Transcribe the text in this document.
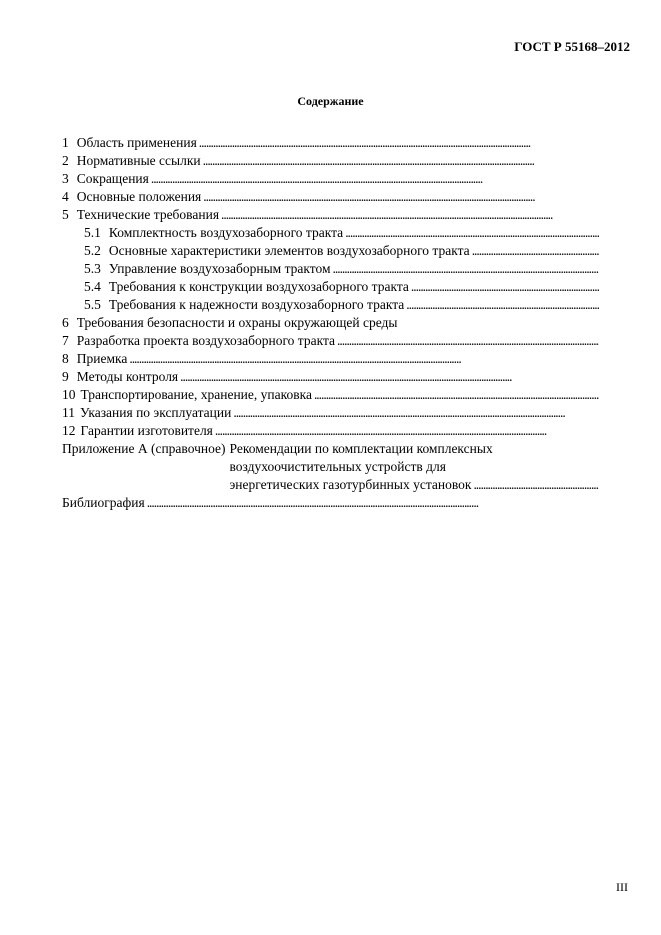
ГОСТ Р 55168–2012
Содержание
1 Область применения
. . .
2 Нормативные ссылки
. . .
3 Сокращения
. . .
4 Основные положения
. . .
5 Технические требования
. . .
5.1 Комплектность воздухозаборного тракта
. . .
5.2 Основные характеристики элементов воздухозаборного тракта
. . .
5.3 Управление воздухозаборным трактом
. . .
5.4 Требования к конструкции воздухозаборного тракта
. . .
5.5 Требования к надежности воздухозаборного тракта
. . .
6 Требования безопасности и охраны окружающей среды
7 Разработка проекта воздухозаборного тракта
. . .
8 Приемка
. . .
9 Методы контроля
. . .
10 Транспортирование, хранение, упаковка
. . .
11 Указания по эксплуатации
. . .
12 Гарантии изготовителя
. . .
Приложение А (справочное) Рекомендации по комплектации комплексных
воздухоочистительных устройств для
энергетических газотурбинных установок
. . .
Библиография
. . .
III
